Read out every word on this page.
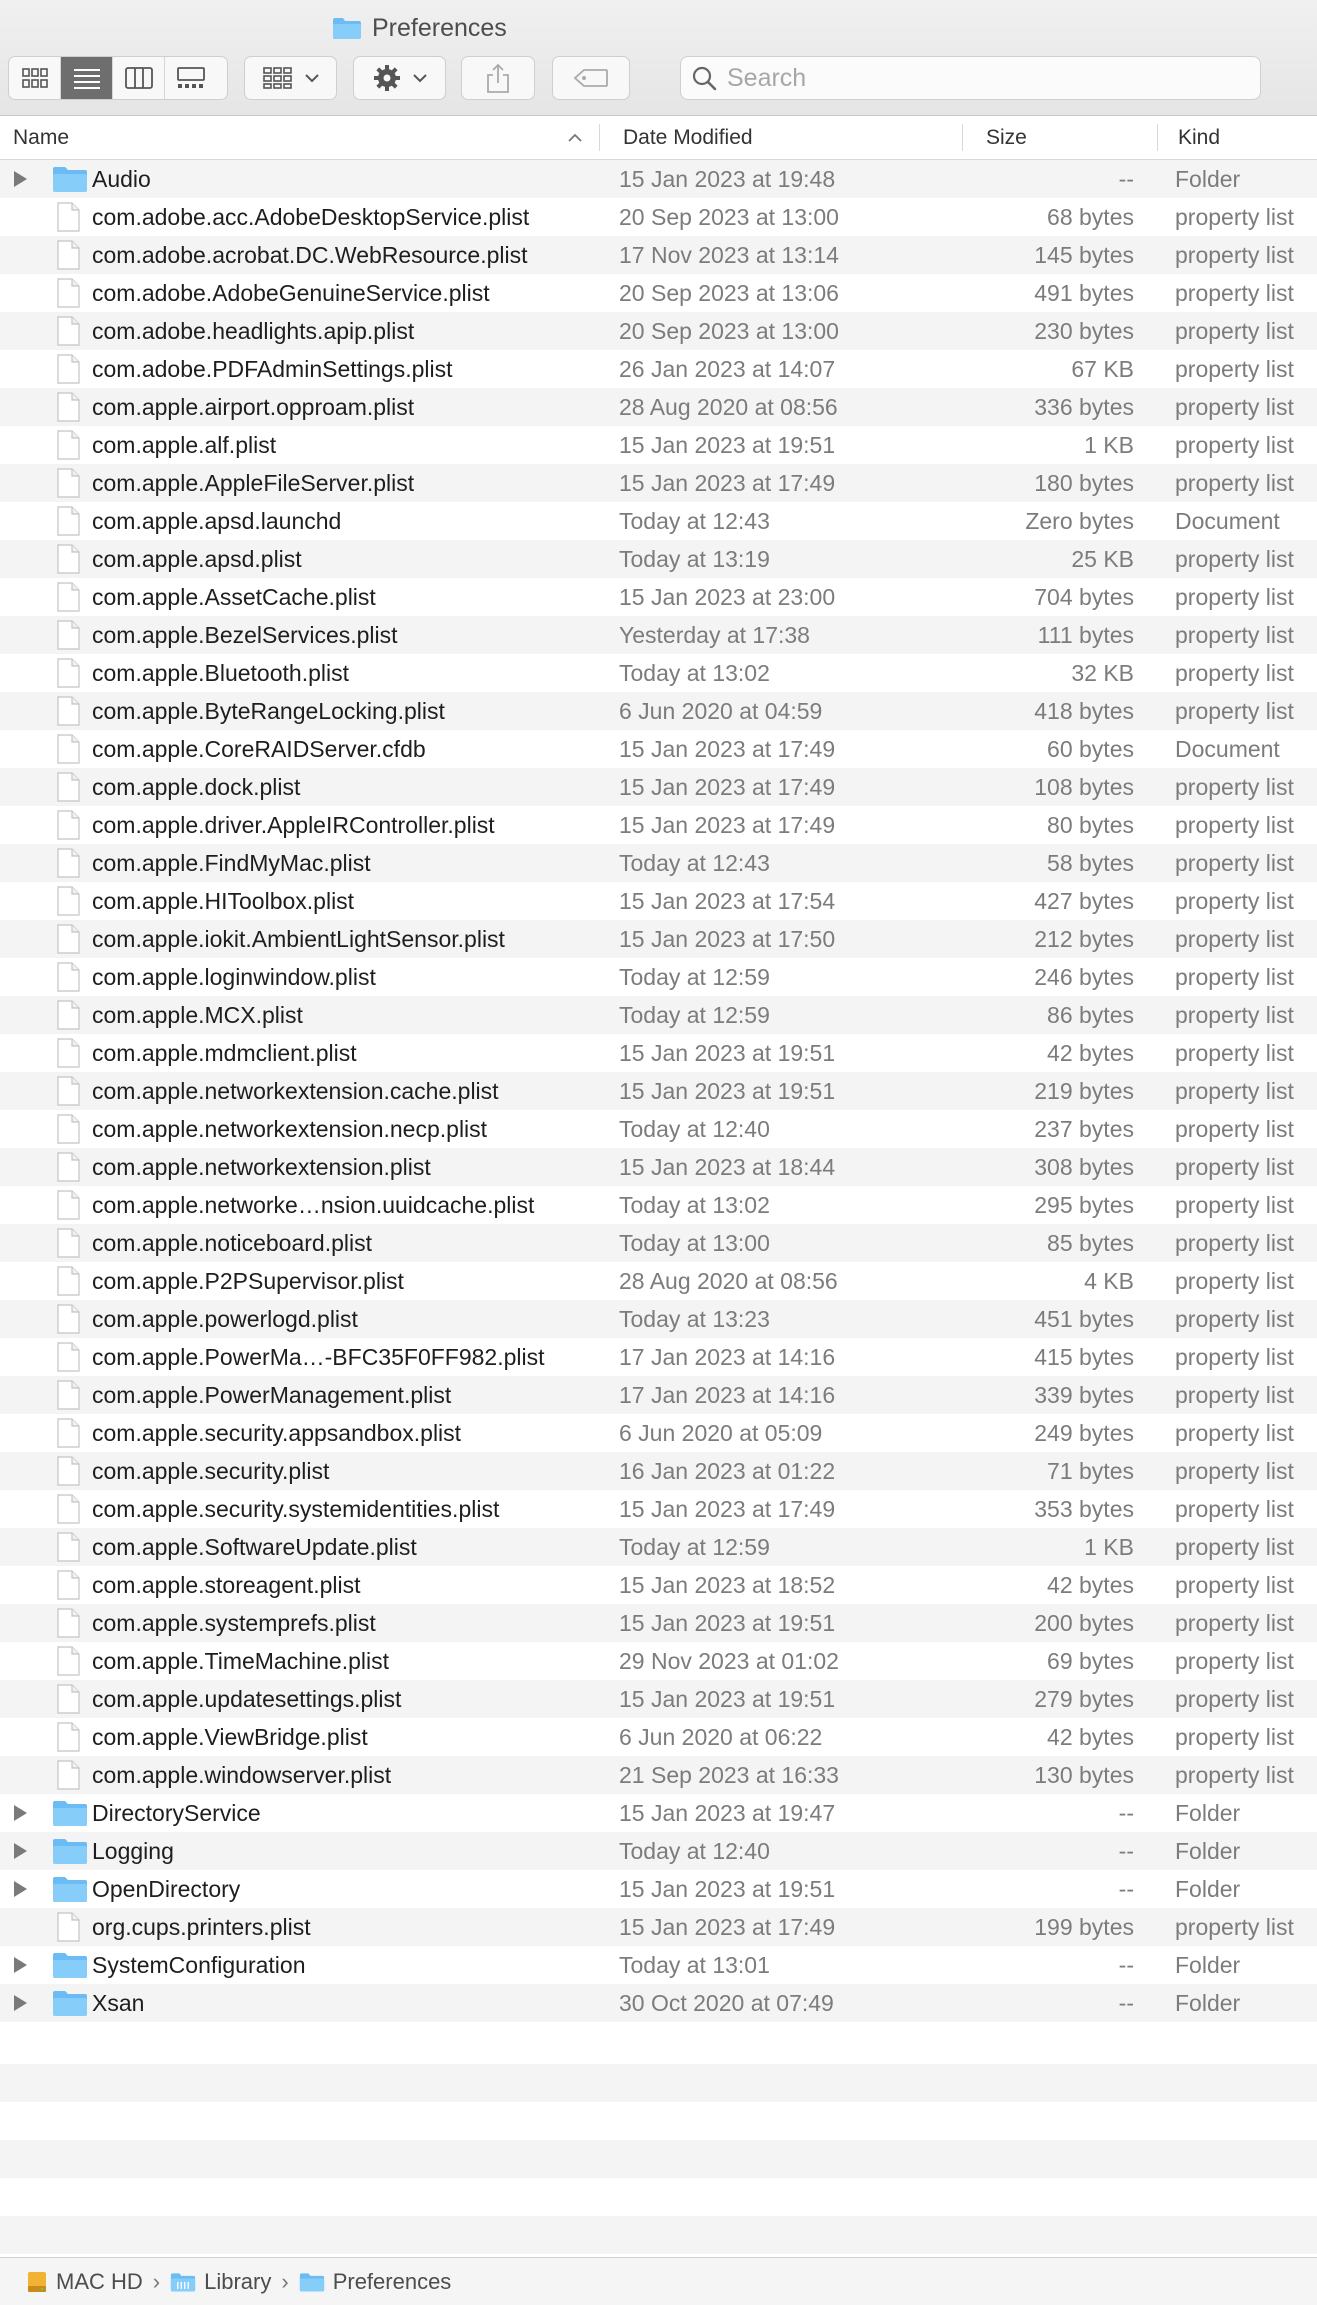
Preferences
Search
Name	Date Modified	Size	Kind
Audio	15 Jan 2023 at 19:48	-- Folder
com.adobe.acc.AdobeDesktopService.plist	20 Sep 2023 at 13:00	68 bytes property list
com.adobe.acrobat.DC.WebResource.plist	17 Nov 2023 at 13:14	145 bytes property list
com.adobe.AdobeGenuineService.plist	20 Sep 2023 at 13:06	491 bytes property list
com.adobe.headlights.apip.plist	20 Sep 2023 at 13:00	230 bytes property list
com.adobe.PDFAdminSettings.plist	26 Jan 2023 at 14:07	67 KB property list
com.apple.airport.opproam.plist	28 Aug 2020 at 08:56	336 bytes property list
com.apple.alf.plist	15 Jan 2023 at 19:51	1 KB property list
com.apple.AppleFileServer.plist	15 Jan 2023 at 17:49	180 bytes property list
com.apple.apsd.launchd	Today at 12:43	Zero bytes Document
com.apple.apsd.plist	Today at 13:19	25 KB property list
com.apple.AssetCache.plist	15 Jan 2023 at 23:00	704 bytes property list
com.apple.BezelServices.plist	Yesterday at 17:38	111 bytes property list
com.apple.Bluetooth.plist	Today at 13:02	32 KB property list
com.apple.ByteRangeLocking.plist	6 Jun 2020 at 04:59	418 bytes property list
com.apple.CoreRAIDServer.cfdb	15 Jan 2023 at 17:49	60 bytes Document
com.apple.dock.plist	15 Jan 2023 at 17:49	108 bytes property list
com.apple.driver.AppleIRController.plist	15 Jan 2023 at 17:49	80 bytes property list
com.apple.FindMyMac.plist	Today at 12:43	58 bytes property list
com.apple.HIToolbox.plist	15 Jan 2023 at 17:54	427 bytes property list
com.apple.iokit.AmbientLightSensor.plist	15 Jan 2023 at 17:50	212 bytes property list
com.apple.loginwindow.plist	Today at 12:59	246 bytes property list
com.apple.MCX.plist	Today at 12:59	86 bytes property list
com.apple.mdmclient.plist	15 Jan 2023 at 19:51	42 bytes property list
com.apple.networkextension.cache.plist	15 Jan 2023 at 19:51	219 bytes property list
com.apple.networkextension.necp.plist	Today at 12:40	237 bytes property list
com.apple.networkextension.plist	15 Jan 2023 at 18:44	308 bytes property list
com.apple.networke…nsion.uuidcache.plist	Today at 13:02	295 bytes property list
com.apple.noticeboard.plist	Today at 13:00	85 bytes property list
com.apple.P2PSupervisor.plist	28 Aug 2020 at 08:56	4 KB property list
com.apple.powerlogd.plist	Today at 13:23	451 bytes property list
com.apple.PowerMa…-BFC35F0FF982.plist	17 Jan 2023 at 14:16	415 bytes property list
com.apple.PowerManagement.plist	17 Jan 2023 at 14:16	339 bytes property list
com.apple.security.appsandbox.plist	6 Jun 2020 at 05:09	249 bytes property list
com.apple.security.plist	16 Jan 2023 at 01:22	71 bytes property list
com.apple.security.systemidentities.plist	15 Jan 2023 at 17:49	353 bytes property list
com.apple.SoftwareUpdate.plist	Today at 12:59	1 KB property list
com.apple.storeagent.plist	15 Jan 2023 at 18:52	42 bytes property list
com.apple.systemprefs.plist	15 Jan 2023 at 19:51	200 bytes property list
com.apple.TimeMachine.plist	29 Nov 2023 at 01:02	69 bytes property list
com.apple.updatesettings.plist	15 Jan 2023 at 19:51	279 bytes property list
com.apple.ViewBridge.plist	6 Jun 2020 at 06:22	42 bytes property list
com.apple.windowserver.plist	21 Sep 2023 at 16:33	130 bytes property list
DirectoryService	15 Jan 2023 at 19:47	-- Folder
Logging	Today at 12:40	-- Folder
OpenDirectory	15 Jan 2023 at 19:51	-- Folder
org.cups.printers.plist	15 Jan 2023 at 17:49	199 bytes property list
SystemConfiguration	Today at 13:01	-- Folder
Xsan	30 Oct 2020 at 07:49	-- Folder
MAC HD › Library › Preferences
